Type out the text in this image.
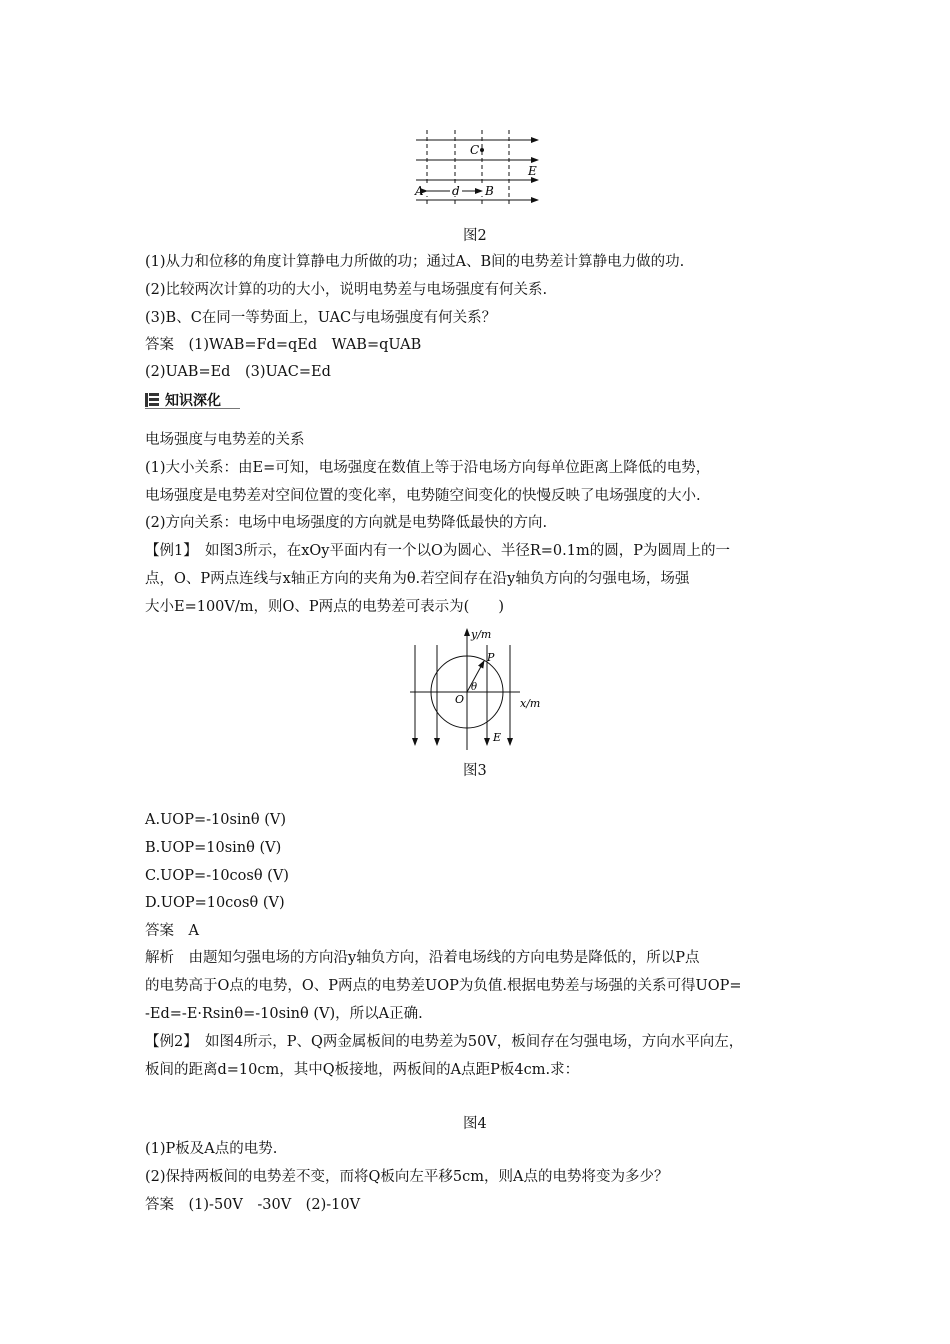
C
E
A d B
图2
(1)从力和位移的角度计算静电力所做的功；通过A、B间的电势差计算静电力做的功.
(2)比较两次计算的功的大小，说明电势差与电场强度有何关系.
(3)B、C在同一等势面上，UAC与电场强度有何关系？
答案　(1)WAB=Fd=qEd　WAB=qUAB
(2)UAB=Ed　(3)UAC=Ed
知识深化
电场强度与电势差的关系
(1)大小关系：由E=可知，电场强度在数值上等于沿电场方向每单位距离上降低的电势，
电场强度是电势差对空间位置的变化率，电势随空间变化的快慢反映了电场强度的大小.
(2)方向关系：电场中电场强度的方向就是电势降低最快的方向.
【例1】　如图3所示，在xOy平面内有一个以O为圆心、半径R=0.1m的圆，P为圆周上的一
点，O、P两点连线与x轴正方向的夹角为θ.若空间存在沿y轴负方向的匀强电场，场强
大小E=100V/m，则O、P两点的电势差可表示为(　　)
y/m
P
θ
O	x/m
E
图3
A.UOP=-10sinθ (V)
B.UOP=10sinθ (V)
C.UOP=-10cosθ (V)
D.UOP=10cosθ (V)
答案　A
解析　由题知匀强电场的方向沿y轴负方向，沿着电场线的方向电势是降低的，所以P点
的电势高于O点的电势，O、P两点的电势差UOP为负值.根据电势差与场强的关系可得UOP=
-Ed=-E·Rsinθ=-10sinθ (V)，所以A正确.
【例2】　如图4所示，P、Q两金属板间的电势差为50V，板间存在匀强电场，方向水平向左，
板间的距离d=10cm，其中Q板接地，两板间的A点距P板4cm.求：
图4
(1)P板及A点的电势.
(2)保持两板间的电势差不变，而将Q板向左平移5cm，则A点的电势将变为多少？
答案　(1)-50V　-30V　(2)-10V
